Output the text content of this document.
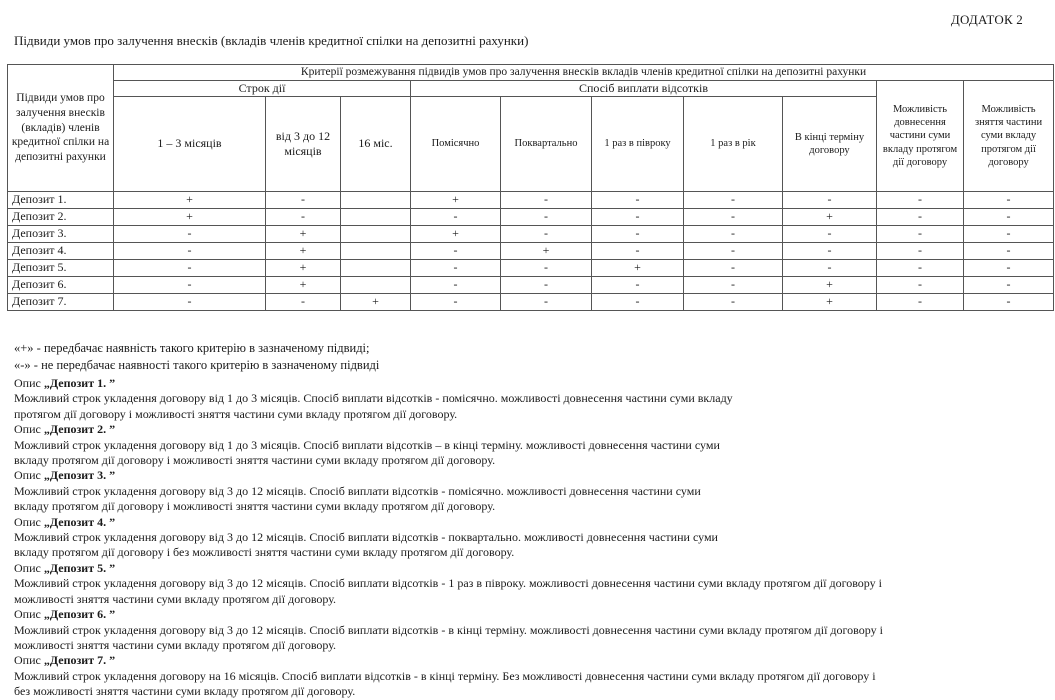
ДОДАТОК 2
Підвиди умов про залучення внесків (вкладів членів кредитної спілки на депозитні рахунки)
Підвиди умов про залучення внесків (вкладів) членів кредитної спілки на депозитні рахунки	Критерії розмежування підвидів умов про залучення внесків вкладів членів кредитної спілки на депозитні рахунки									
	Строк дії			Спосіб виплати відсотків					Можливість довнесення частини суми вкладу протягом дії договору	Можливість зняття частини суми вкладу протягом дії договору
	1 – 3 місяців	від 3 до 12 місяців	16 міс.	Помісячно	Поквартально	1 раз в півроку	1 раз в рік	В кінці терміну договору		
Депозит 1.	+	-		+	-	-	-	-	-	-
Депозит 2.	+	-		-	-	-	-	+	-	-
Депозит 3.	-	+		+	-	-	-	-	-	-
Депозит 4.	-	+		-	+	-	-	-	-	-
Депозит 5.	-	+		-	-	+	-	-	-	-
Депозит 6.	-	+		-	-	-	-	+	-	-
Депозит 7.	-	-	+	-	-	-	-	+	-	-
«+» - передбачає наявність такого критерію в зазначеному підвиді;
«-» - не передбачає наявності такого критерію в зазначеному підвиді
Опис „Депозит 1. ”
Можливий строк укладення договору від 1 до 3 місяців. Спосіб виплати відсотків - помісячно. можливості довнесення частини суми вкладу
протягом дії договору і можливості зняття частини суми вкладу протягом дії договору.
Опис „Депозит 2. ”
Можливий строк укладення договору від 1 до 3 місяців. Спосіб виплати відсотків – в кінці терміну. можливості довнесення частини суми
вкладу протягом дії договору і можливості зняття частини суми вкладу протягом дії договору.
Опис „Депозит 3. ”
Можливий строк укладення договору від 3 до 12 місяців. Спосіб виплати відсотків - помісячно. можливості довнесення частини суми
вкладу протягом дії договору і можливості зняття частини суми вкладу протягом дії договору.
Опис „Депозит 4. ”
Можливий строк укладення договору від 3 до 12 місяців. Спосіб виплати відсотків - поквартально. можливості довнесення частини суми
вкладу протягом дії договору і без можливості зняття частини суми вкладу протягом дії договору.
Опис „Депозит 5. ”
Можливий строк укладення договору від 3 до 12 місяців. Спосіб виплати відсотків - 1 раз в півроку. можливості довнесення частини суми вкладу протягом дії договору і
можливості зняття частини суми вкладу протягом дії договору.
Опис „Депозит 6. ”
Можливий строк укладення договору від 3 до 12 місяців. Спосіб виплати відсотків - в кінці терміну. можливості довнесення частини суми вкладу протягом дії договору і
можливості зняття частини суми вкладу протягом дії договору.
Опис „Депозит 7. ”
Можливий строк укладення договору на 16 місяців. Спосіб виплати відсотків - в кінці терміну. Без можливості довнесення частини суми вкладу протягом дії договору і
без можливості зняття частини суми вкладу протягом дії договору.
